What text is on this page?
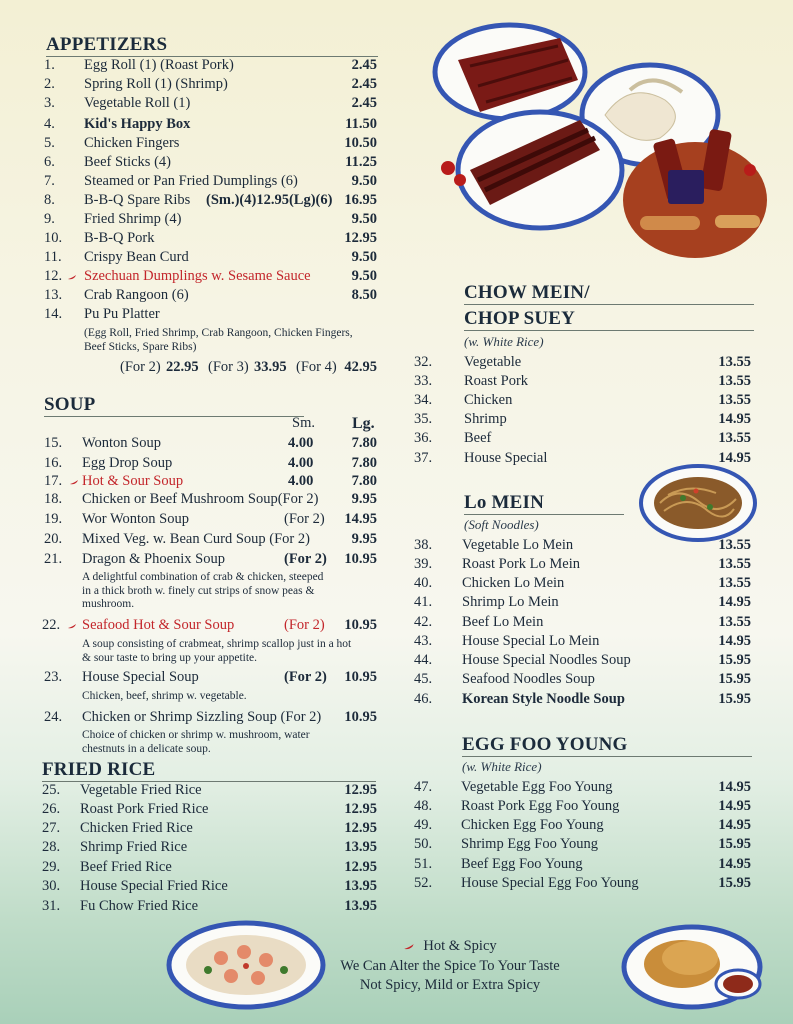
APPETIZERS
1. Egg Roll (1) (Roast Pork)	2.45
2. Spring Roll (1) (Shrimp)	2.45
3. Vegetable Roll (1)	2.45
4. Kid's Happy Box	11.50
5. Chicken Fingers	10.50
6. Beef Sticks (4)	11.25
7. Steamed or Pan Fried Dumplings (6)	9.50
8. B-B-Q Spare Ribs (Sm.)(4)12.95(Lg)(6) 16.95
9. Fried Shrimp (4)	9.50
10. B-B-Q Pork	12.95
11. Crispy Bean Curd	9.50
12. Szechuan Dumplings w. Sesame Sauce	9.50
13. Crab Rangoon (6)	8.50
14. Pu Pu Platter
(Egg Roll, Fried Shrimp, Crab Rangoon, Chicken Fingers, Beef Sticks, Spare Ribs)
(For 2) 22.95 (For 3) 33.95 (For 4) 42.95
SOUP
Sm. Lg.
15. Wonton Soup	4.00	7.80
16. Egg Drop Soup	4.00	7.80
17. Hot & Sour Soup	4.00	7.80
18. Chicken or Beef Mushroom Soup(For 2) 9.95
19. Wor Wonton Soup	(For 2) 14.95
20. Mixed Veg. w. Bean Curd Soup (For 2)	9.95
21. Dragon & Phoenix Soup	(For 2) 10.95
A delightful combination of crab & chicken, steeped in a thick broth w. finely cut strips of snow peas & mushroom.
22. Seafood Hot & Sour Soup	(For 2) 10.95
A soup consisting of crabmeat, shrimp scallop just in a hot & sour taste to bring up your appetite.
23. House Special Soup	(For 2) 10.95
Chicken, beef, shrimp w. vegetable.
24. Chicken or Shrimp Sizzling Soup (For 2) 10.95
Choice of chicken or shrimp w. mushroom, water chestnuts in a delicate soup.
FRIED RICE
25. Vegetable Fried Rice	12.95
26. Roast Pork Fried Rice	12.95
27. Chicken Fried Rice	12.95
28. Shrimp Fried Rice	13.95
29. Beef Fried Rice	12.95
30. House Special Fried Rice	13.95
31. Fu Chow Fried Rice	13.95
CHOW MEIN/
CHOP SUEY
(w. White Rice)
32. Vegetable	13.55
33. Roast Pork	13.55
34. Chicken	13.55
35. Shrimp	14.95
36. Beef	13.55
37. House Special	14.95
Lo MEIN
(Soft Noodles)
38. Vegetable Lo Mein	13.55
39. Roast Pork Lo Mein	13.55
40. Chicken Lo Mein	13.55
41. Shrimp Lo Mein	14.95
42. Beef Lo Mein	13.55
43. House Special Lo Mein	14.95
44. House Special Noodles Soup	15.95
45. Seafood Noodles Soup	15.95
46. Korean Style Noodle Soup	15.95
EGG FOO YOUNG
(w. White Rice)
47. Vegetable Egg Foo Young	14.95
48. Roast Pork Egg Foo Young	14.95
49. Chicken Egg Foo Young	14.95
50. Shrimp Egg Foo Young	15.95
51. Beef Egg Foo Young	14.95
52. House Special Egg Foo Young	15.95
Hot & Spicy
We Can Alter the Spice To Your Taste
Not Spicy, Mild or Extra Spicy
